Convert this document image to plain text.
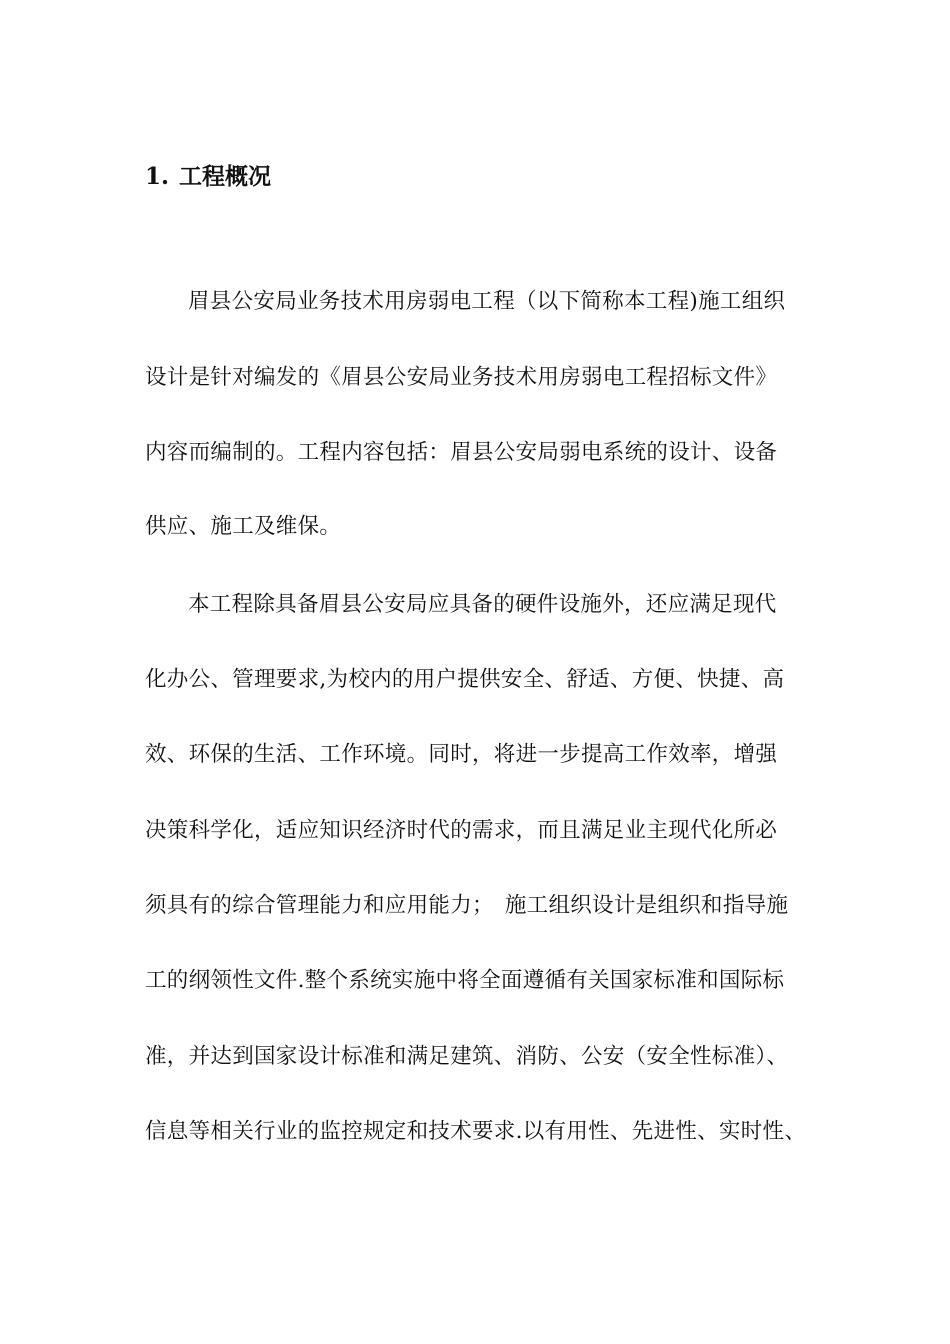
1. 工程概况
眉县公安局业务技术用房弱电工程（以下简称本工程)施工组织
设计是针对编发的《眉县公安局业务技术用房弱电工程招标文件》
内容而编制的。工程内容包括：眉县公安局弱电系统的设计、设备
供应、施工及维保。
本工程除具备眉县公安局应具备的硬件设施外，还应满足现代
化办公、管理要求,为校内的用户提供安全、舒适、方便、快捷、高
效、环保的生活、工作环境。同时，将进一步提高工作效率，增强
决策科学化，适应知识经济时代的需求，而且满足业主现代化所必
须具有的综合管理能力和应用能力；　施工组织设计是组织和指导施
工的纲领性文件.整个系统实施中将全面遵循有关国家标准和国际标
准，并达到国家设计标准和满足建筑、消防、公安（安全性标准）、
信息等相关行业的监控规定和技术要求.以有用性、先进性、实时性、
